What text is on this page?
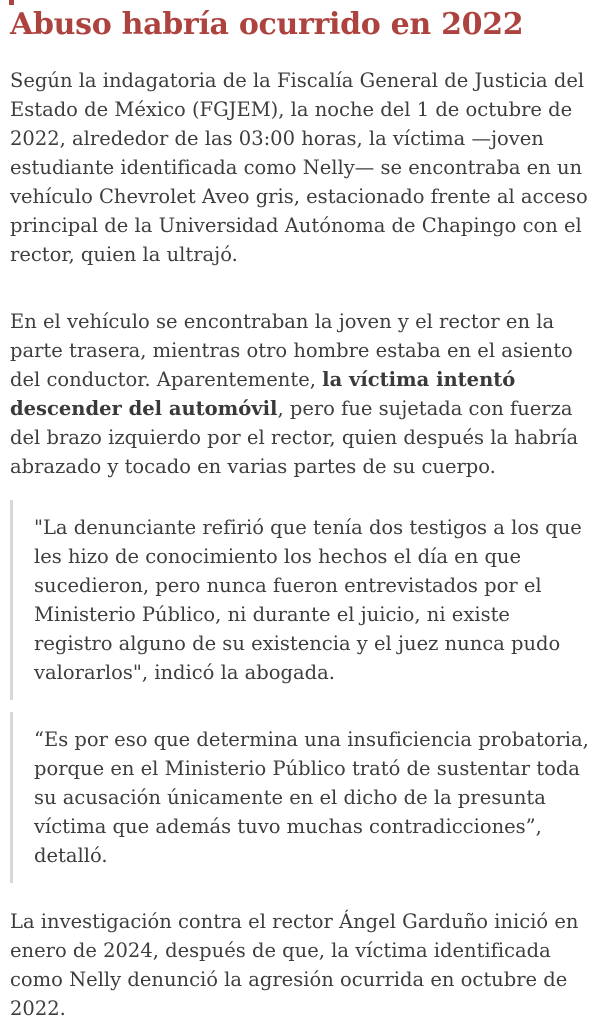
Abuso habría ocurrido en 2022

Según la indagatoria de la Fiscalía General de Justicia del Estado de México (FGJEM), la noche del 1 de octubre de 2022, alrededor de las 03:00 horas, la víctima —joven estudiante identificada como Nelly— se encontraba en un vehículo Chevrolet Aveo gris, estacionado frente al acceso principal de la Universidad Autónoma de Chapingo con el rector, quien la ultrajó.

En el vehículo se encontraban la joven y el rector en la parte trasera, mientras otro hombre estaba en el asiento del conductor. Aparentemente, la víctima intentó descender del automóvil, pero fue sujetada con fuerza del brazo izquierdo por el rector, quien después la habría abrazado y tocado en varias partes de su cuerpo.

"La denunciante refirió que tenía dos testigos a los que les hizo de conocimiento los hechos el día en que sucedieron, pero nunca fueron entrevistados por el Ministerio Público, ni durante el juicio, ni existe registro alguno de su existencia y el juez nunca pudo valorarlos", indicó la abogada.

“Es por eso que determina una insuficiencia probatoria, porque en el Ministerio Público trató de sustentar toda su acusación únicamente en el dicho de la presunta víctima que además tuvo muchas contradicciones”, detalló.

La investigación contra el rector Ángel Garduño inició en enero de 2024, después de que, la víctima identificada como Nelly denunció la agresión ocurrida en octubre de 2022.
